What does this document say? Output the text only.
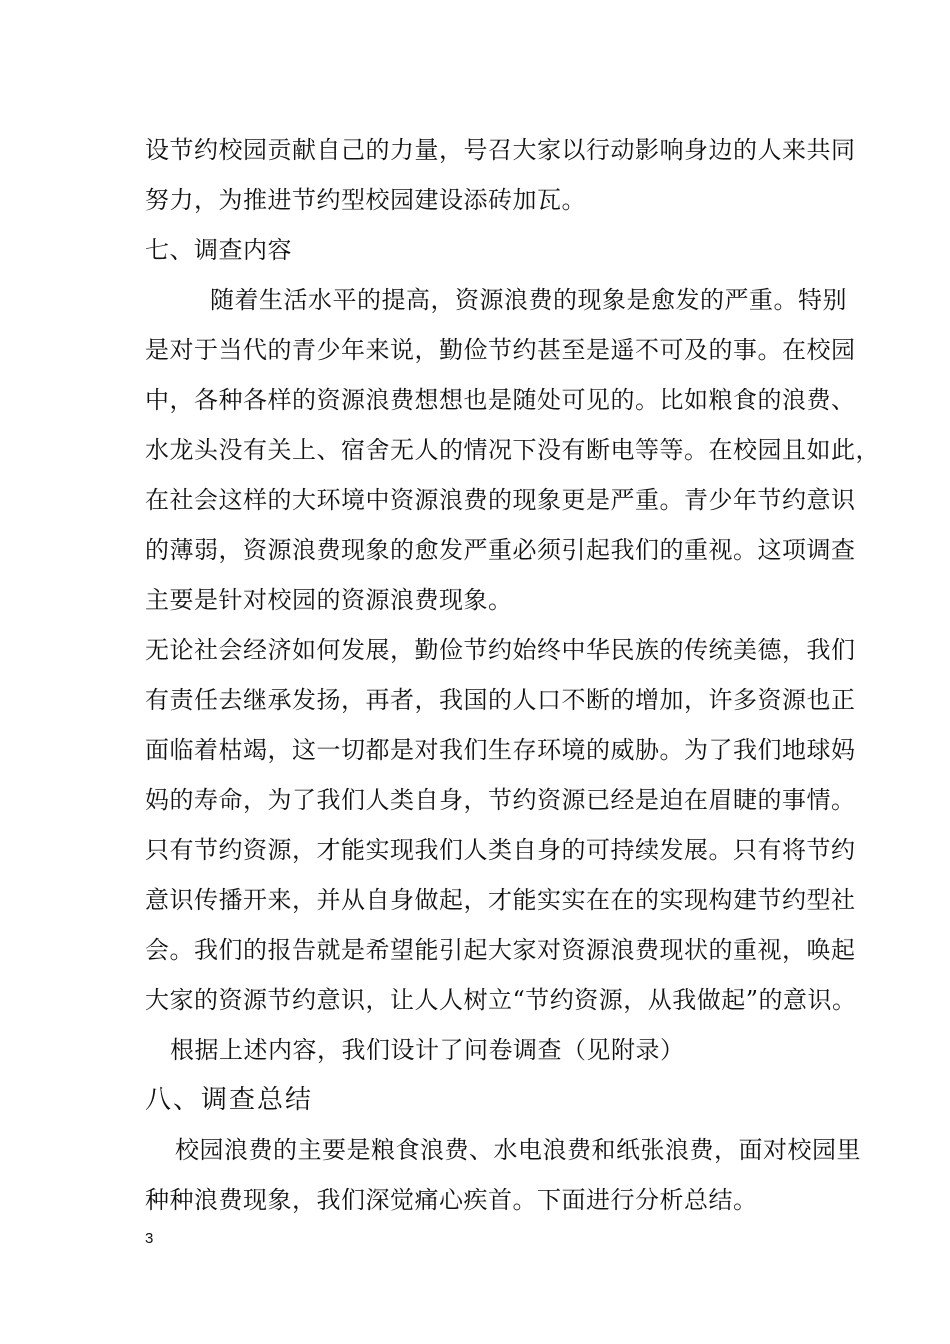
设节约校园贡献自己的力量，号召大家以行动影响身边的人来共同
努力，为推进节约型校园建设添砖加瓦。
七、调查内容
随着生活水平的提高，资源浪费的现象是愈发的严重。特别
是对于当代的青少年来说，勤俭节约甚至是遥不可及的事。在校园
中，各种各样的资源浪费想想也是随处可见的。比如粮食的浪费、
水龙头没有关上、宿舍无人的情况下没有断电等等。在校园且如此，
在社会这样的大环境中资源浪费的现象更是严重。青少年节约意识
的薄弱，资源浪费现象的愈发严重必须引起我们的重视。这项调查
主要是针对校园的资源浪费现象。
无论社会经济如何发展，勤俭节约始终中华民族的传统美德，我们
有责任去继承发扬，再者，我国的人口不断的增加，许多资源也正
面临着枯竭，这一切都是对我们生存环境的威胁。为了我们地球妈
妈的寿命，为了我们人类自身，节约资源已经是迫在眉睫的事情。
只有节约资源，才能实现我们人类自身的可持续发展。只有将节约
意识传播开来，并从自身做起，才能实实在在的实现构建节约型社
会。我们的报告就是希望能引起大家对资源浪费现状的重视，唤起
大家的资源节约意识，让人人树立“节约资源，从我做起”的意识。
根据上述内容，我们设计了问卷调查（见附录）
八、调查总结
校园浪费的主要是粮食浪费、水电浪费和纸张浪费，面对校园里
种种浪费现象，我们深觉痛心疾首。下面进行分析总结。
3
